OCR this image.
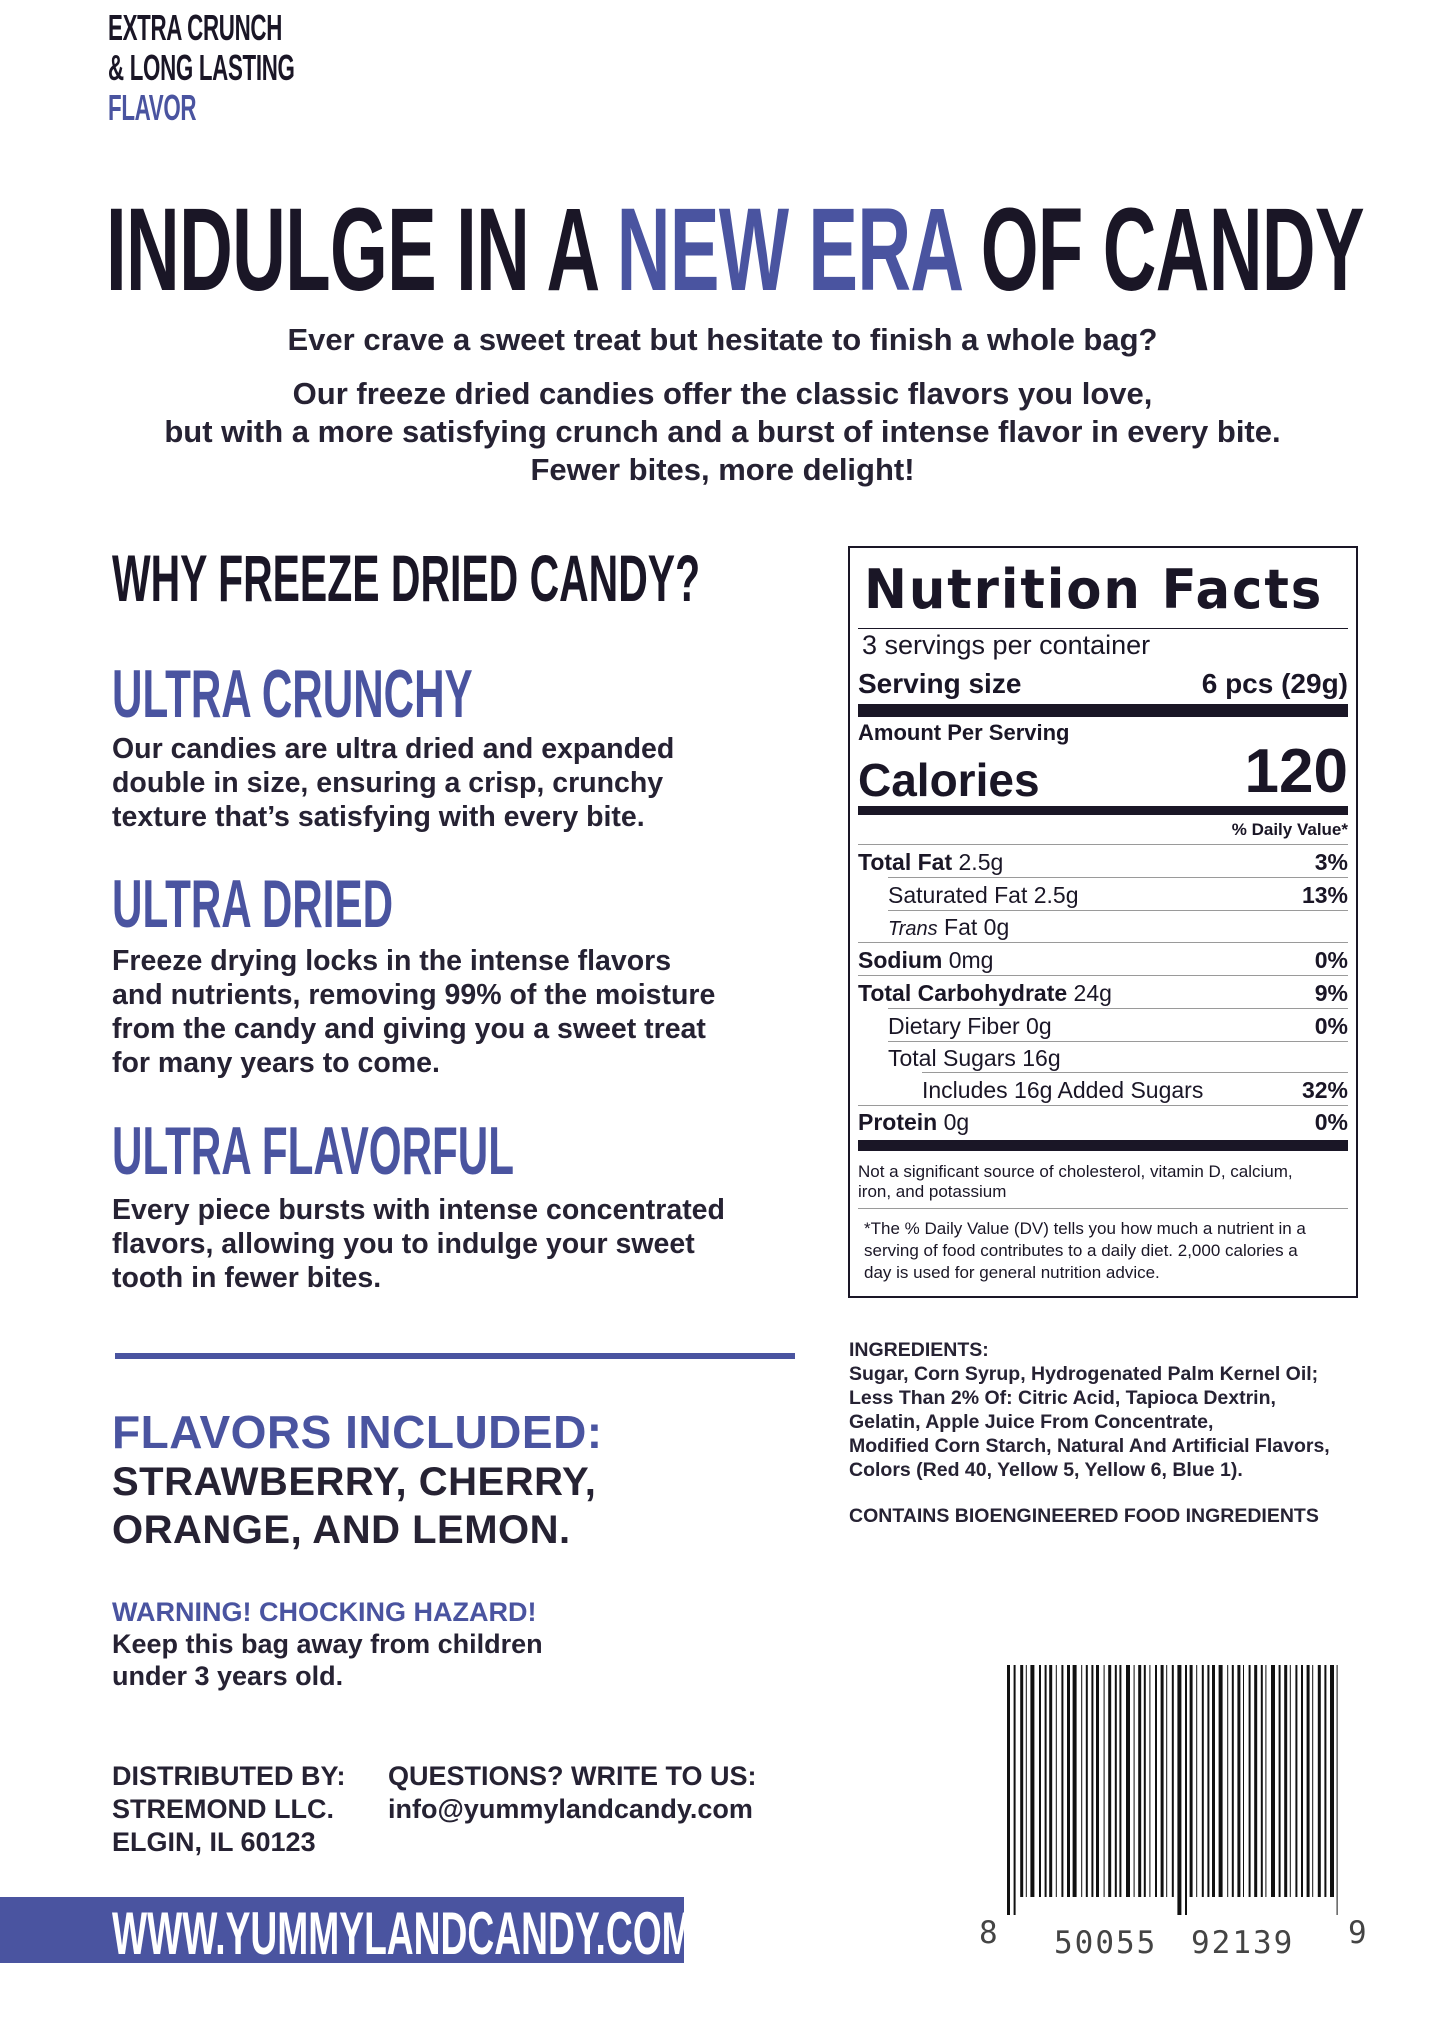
EXTRA CRUNCH
& LONG LASTING
FLAVOR
INDULGE IN A NEW ERA OF CANDY
Ever crave a sweet treat but hesitate to finish a whole bag?
Our freeze dried candies offer the classic flavors you love,
but with a more satisfying crunch and a burst of intense flavor in every bite.
Fewer bites, more delight!
WHY FREEZE DRIED CANDY?
ULTRA CRUNCHY
Our candies are ultra dried and expanded
double in size, ensuring a crisp, crunchy
texture that’s satisfying with every bite.
ULTRA DRIED
Freeze drying locks in the intense flavors
and nutrients, removing 99% of the moisture
from the candy and giving you a sweet treat
for many years to come.
ULTRA FLAVORFUL
Every piece bursts with intense concentrated
flavors, allowing you to indulge your sweet
tooth in fewer bites.
FLAVORS INCLUDED:
STRAWBERRY, CHERRY,
ORANGE, AND LEMON.
WARNING! CHOCKING HAZARD!
Keep this bag away from children
under 3 years old.
DISTRIBUTED BY:
STREMOND LLC.
ELGIN, IL 60123
QUESTIONS? WRITE TO US:
info@yummylandcandy.com
WWW.YUMMYLANDCANDY.COM
Nutrition Facts
3 servings per container
Serving size	6 pcs (29g)
Amount Per Serving
Calories	120
% Daily Value*
Total Fat 2.5g	3%
Saturated Fat 2.5g	13%
Trans Fat 0g
Sodium 0mg	0%
Total Carbohydrate 24g	9%
Dietary Fiber 0g	0%
Total Sugars 16g
Includes 16g Added Sugars	32%
Protein 0g	0%
Not a significant source of cholesterol, vitamin D, calcium,
iron, and potassium
*The % Daily Value (DV) tells you how much a nutrient in a
serving of food contributes to a daily diet. 2,000 calories a
day is used for general nutrition advice.
INGREDIENTS:
Sugar, Corn Syrup, Hydrogenated Palm Kernel Oil;
Less Than 2% Of: Citric Acid, Tapioca Dextrin,
Gelatin, Apple Juice From Concentrate,
Modified Corn Starch, Natural And Artificial Flavors,
Colors (Red 40, Yellow 5, Yellow 6, Blue 1).
CONTAINS BIOENGINEERED FOOD INGREDIENTS
8 50055 92139 9
